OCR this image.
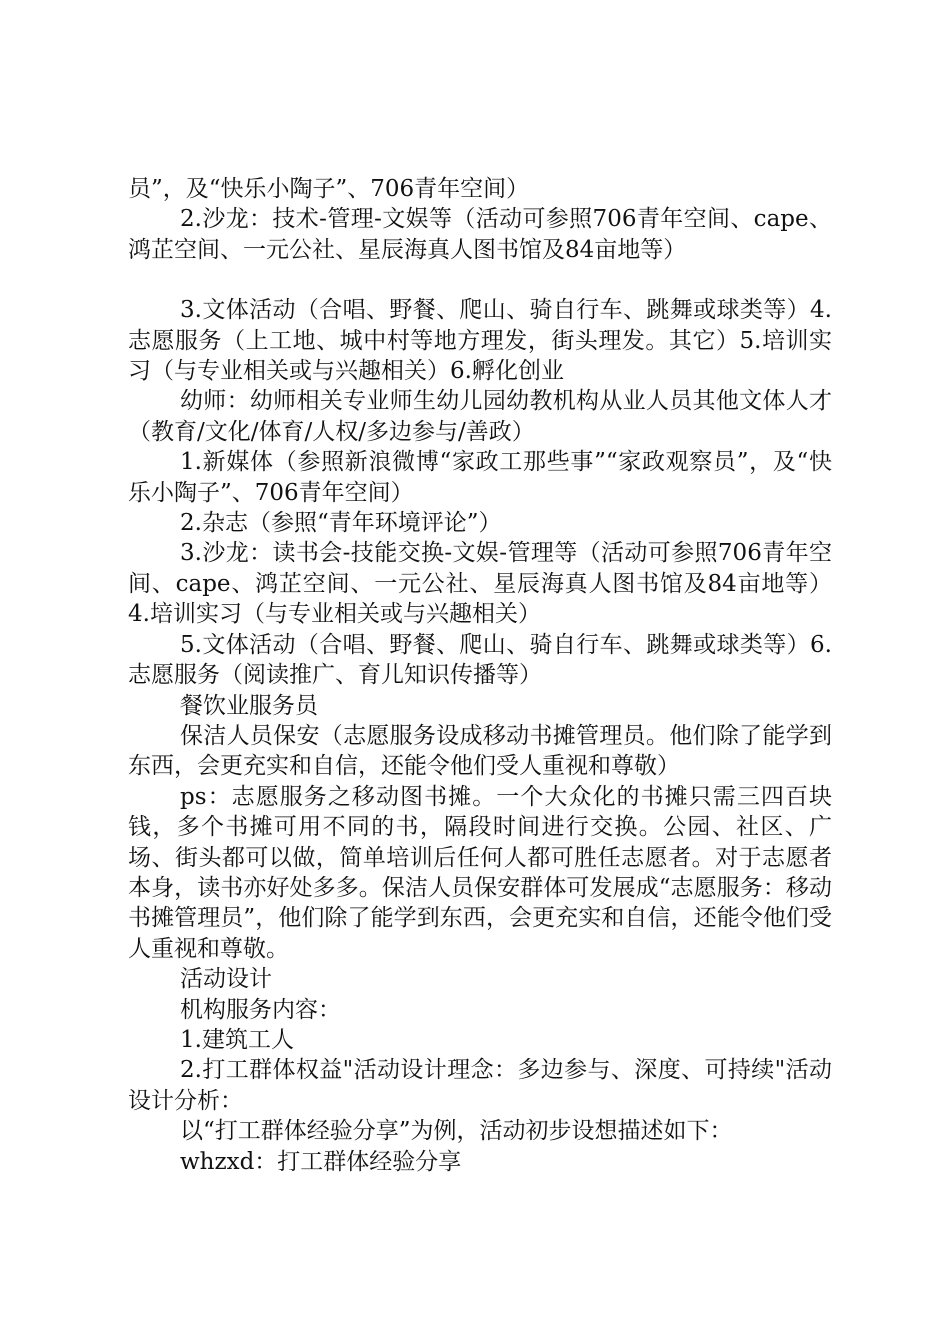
员”，及“快乐小陶子”、706青年空间）

2.沙龙：技术-管理-文娱等（活动可参照706青年空间、cape、鸿芷空间、一元公社、星辰海真人图书馆及84亩地等）

3.文体活动（合唱、野餐、爬山、骑自行车、跳舞或球类等）4.志愿服务（上工地、城中村等地方理发，街头理发。其它）5.培训实习（与专业相关或与兴趣相关）6.孵化创业

幼师：幼师相关专业师生幼儿园幼教机构从业人员其他文体人才（教育/文化/体育/人权/多边参与/善政）

1.新媒体（参照新浪微博“家政工那些事”“家政观察员”，及“快乐小陶子”、706青年空间）

2.杂志（参照“青年环境评论”）

3.沙龙：读书会-技能交换-文娱-管理等（活动可参照706青年空间、cape、鸿芷空间、一元公社、星辰海真人图书馆及84亩地等）4.培训实习（与专业相关或与兴趣相关）

5.文体活动（合唱、野餐、爬山、骑自行车、跳舞或球类等）6.志愿服务（阅读推广、育儿知识传播等）

餐饮业服务员

保洁人员保安（志愿服务设成移动书摊管理员。他们除了能学到东西，会更充实和自信，还能令他们受人重视和尊敬）

ps：志愿服务之移动图书摊。一个大众化的书摊只需三四百块钱，多个书摊可用不同的书，隔段时间进行交换。公园、社区、广场、街头都可以做，简单培训后任何人都可胜任志愿者。对于志愿者本身，读书亦好处多多。保洁人员保安群体可发展成“志愿服务：移动书摊管理员”，他们除了能学到东西，会更充实和自信，还能令他们受人重视和尊敬。

活动设计

机构服务内容：

1.建筑工人

2.打工群体权益"活动设计理念：多边参与、深度、可持续"活动设计分析：

以“打工群体经验分享”为例，活动初步设想描述如下：

whzxd：打工群体经验分享
